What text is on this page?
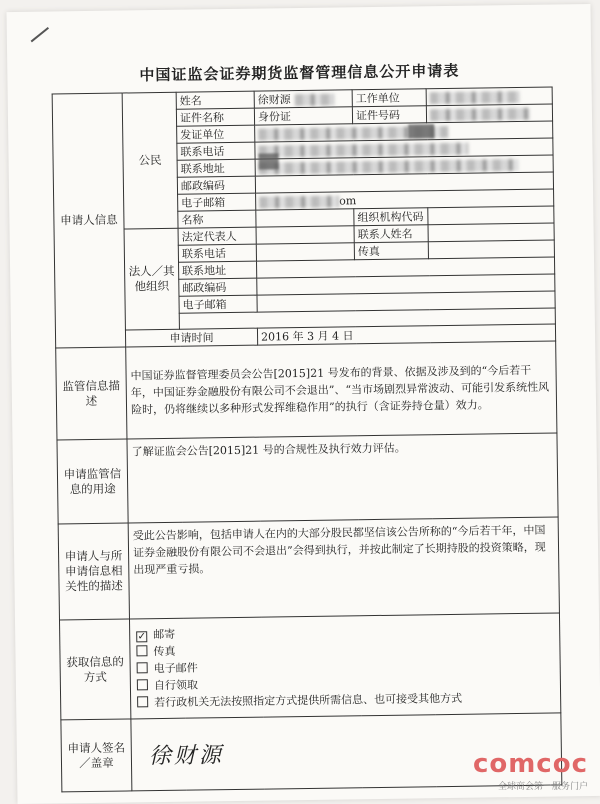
中国证监会证券期货监督管理信息公开申请表
申请人信息	公民	姓名	徐财源	工作单位	
		证件名称	身份证	证件号码	
		发证单位			
		联系电话			
		联系地址			
		邮政编码			
		电子邮箱	om		
		名称		组织机构代码	
	法人／其他组织	法定代表人		联系人姓名	
		联系电话		传真	
		联系地址			
		邮政编码			
		电子邮箱			

	申请时间		2016 年 3 月 4 日		
监管信息描述	中国证券监督管理委员会公告[2015]21 号发布的背景、依据及涉及到的“今后若干年，中国证券金融股份有限公司不会退出”、“当市场剧烈异常波动、可能引发系统性风险时，仍将继续以多种形式发挥维稳作用”的执行（含证券持仓量）效力。				
申请监管信息的用途	了解证监会公告[2015]21 号的合规性及执行效力评估。				
申请人与所申请信息相关性的描述	受此公告影响，包括申请人在内的大部分股民都坚信该公告所称的“今后若干年，中国证券金融股份有限公司不会退出”会得到执行，并按此制定了长期持股的投资策略，现出现严重亏损。				
获取信息的方式	✓ 邮寄
传真
电子邮件
自行领取
若行政机关无法按照指定方式提供所需信息、也可接受其他方式				

申请人签名／盖章	徐财源					comcoc
全球商会第一服务门户
